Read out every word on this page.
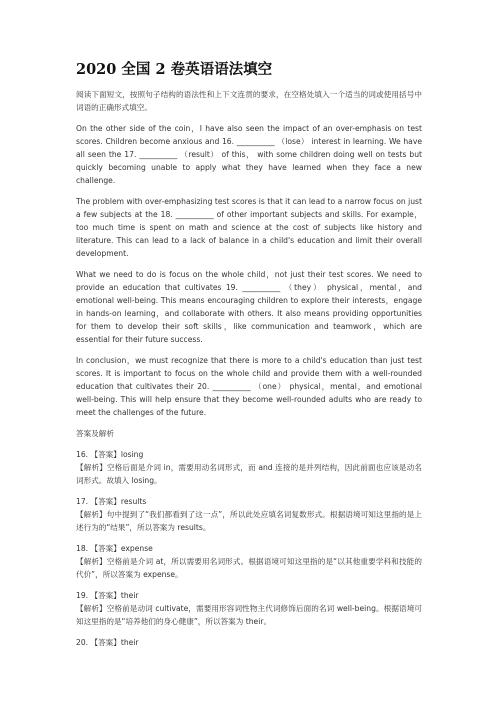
2020 全国 2 卷英语语法填空

阅读下面短文，按照句子结构的语法性和上下文连贯的要求，在空格处填入一个适当的词或使用括号中词语的正确形式填空。

On the other side of the coin，I have also seen the impact of an over-emphasis on test scores. Children become anxious and 16. __________ （lose） interest in learning. We have all seen the 17. __________ （result） of this， with some children doing well on tests but quickly becoming unable to apply what they have learned when they face a new challenge.

The problem with over-emphasizing test scores is that it can lead to a narrow focus on just a few subjects at the 18. __________ of other important subjects and skills. For example，too much time is spent on math and science at the cost of subjects like history and literature. This can lead to a lack of balance in a child's education and limit their overall development.

What we need to do is focus on the whole child，not just their test scores. We need to provide an education that cultivates 19. __________ （they） physical，mental，and emotional well-being. This means encouraging children to explore their interests，engage in hands-on learning，and collaborate with others. It also means providing opportunities for them to develop their soft skills，like communication and teamwork，which are essential for their future success.

In conclusion，we must recognize that there is more to a child's education than just test scores. It is important to focus on the whole child and provide them with a well-rounded education that cultivates their 20. __________ （one） physical，mental，and emotional well-being. This will help ensure that they become well-rounded adults who are ready to meet the challenges of the future.

答案及解析

16. 【答案】losing

【解析】空格后面是介词 in，需要用动名词形式，而 and 连接的是并列结构，因此前面也应该是动名词形式。故填入 losing。

17. 【答案】results

【解析】句中提到了“我们都看到了这一点”，所以此处应填名词复数形式。根据语境可知这里指的是上述行为的“结果”，所以答案为 results。

18. 【答案】expense

【解析】空格前是介词 at，所以需要用名词形式。根据语境可知这里指的是“以其他重要学科和技能的代价”，所以答案为 expense。

19. 【答案】their

【解析】空格前是动词 cultivate，需要用形容词性物主代词修饰后面的名词 well-being。根据语境可知这里指的是“培养他们的身心健康”，所以答案为 their。

20. 【答案】their
